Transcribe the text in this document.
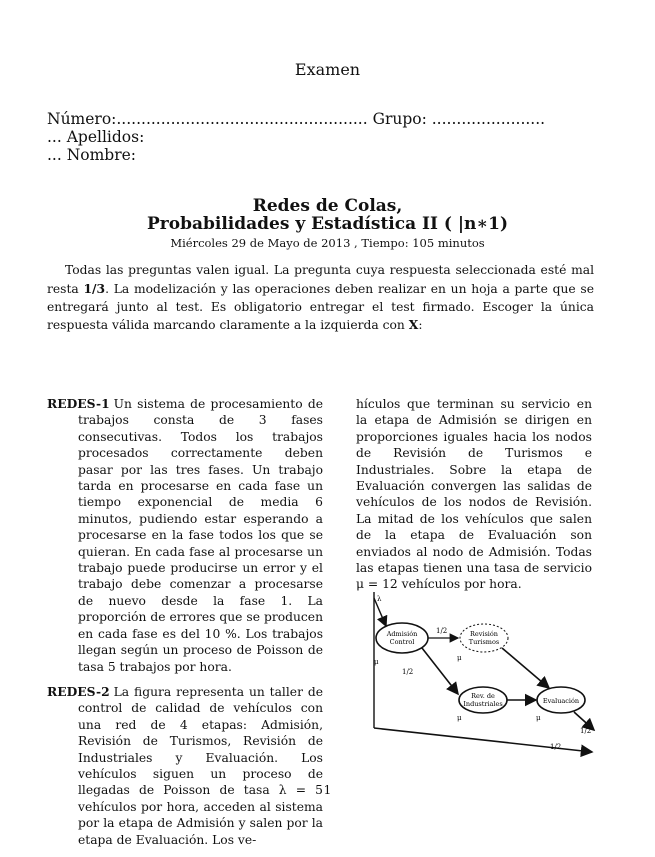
Examen
Número:................................................... Grupo: .......................
... Apellidos:
... Nombre:
Redes de Colas,
Probabilidades y Estadística II ( |n∗1)
Miércoles 29 de Mayo de 2013 , Tiempo: 105 minutos
Todas las preguntas valen igual. La pregunta cuya respuesta seleccionada esté mal resta 1/3. La modelización y las operaciones deben realizar en un hoja a parte que se entregará junto al test. Es obligatorio entregar el test firmado. Escoger la única respuesta válida marcando claramente a la izquierda con X:

REDES-1 Un sistema de procesamiento de trabajos consta de 3 fases consecutivas. Todos los trabajos procesados correctamente deben pasar por las tres fases. Un trabajo tarda en procesarse en cada fase un tiempo exponencial de media 6 minutos, pudiendo estar esperando a procesarse en la fase todos los que se quieran. En cada fase al procesarse un trabajo puede producirse un error y el trabajo debe comenzar a procesarse de nuevo desde la fase 1. La proporción de errores que se producen en cada fase es del 10 %. Los trabajos llegan según un proceso de Poisson de tasa 5 trabajos por hora.

REDES-2 La figura representa un taller de control de calidad de vehículos con una red de 4 etapas: Admisión, Revisión de Turismos, Revisión de Industriales y Evaluación. Los vehículos siguen un proceso de llegadas de Poisson de tasa λ = 5 vehículos por hora, acceden al sistema por la etapa de Admisión y salen por la etapa de Evaluación. Los ve-

hículos que terminan su servicio en la etapa de Admisión se dirigen en proporciones iguales hacia los nodos de Revisión de Turismos e Industriales. Sobre la etapa de Evaluación convergen las salidas de vehículos de los nodos de Revisión. La mitad de los vehículos que salen de la etapa de Evaluación son enviados al nodo de Admisión. Todas las etapas tienen una tasa de servicio μ = 12 vehículos por hora.
Admisión
Control
Revisión
Turismos
Rev. de
Industriales	Evaluación
λ
1/2
1/2
1/2
1/2
μ	μ
μ	μ
1
